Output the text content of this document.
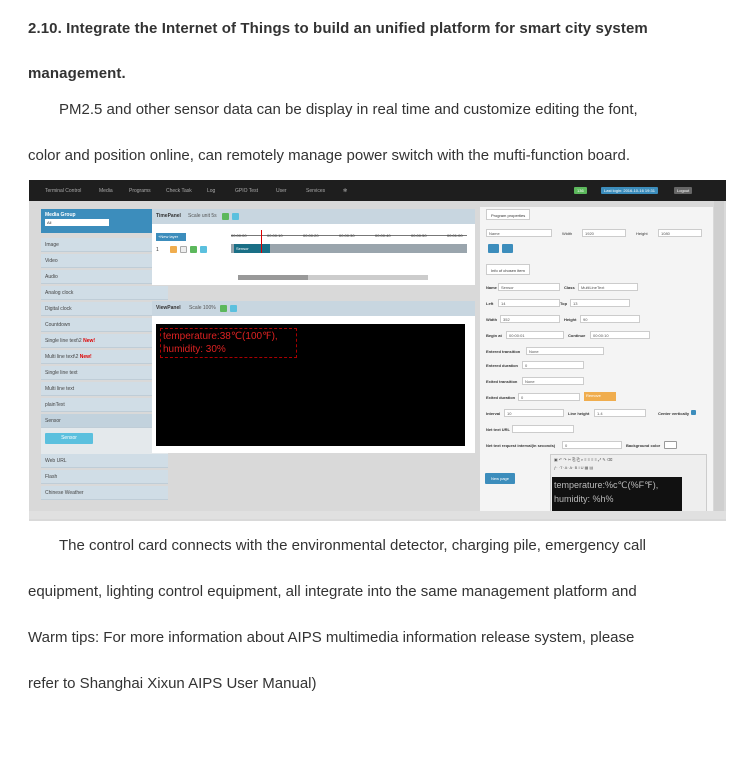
2.10. Integrate the Internet of Things to build an unified platform for smart city system
management.
PM2.5 and other sensor data can be display in real time and customize editing the font,
color and position online, can remotely manage power switch with the mufti-function board.
Terminal Control	Media	Programs	Check Task	Log	GPIO Test	User	Services	✻	136	Last login: 2016-10-16 19:31	Logout
Media Group
All
Image
Video
Audio
Analog clock
Digital clock
Countdown
Single line text\2 New!
Multi line text\2 New!
Single line text
Multi line text
plainText
Sensor
Sensor
Web URL
Flash
Chinese Weather
TimePanel Scale unit 5s
+New layer
1
00:00:00	00:00:10	00:00:20	00:00:30	00:00:40	00:00:50	00:01:00
Sensor
ViewPanel Scale 100%
temperature:38℃(100℉),
humidity: 30%
Program properties
Name	Width	1920	Height	1080
Info of chosen item
Name	Sensor	Class	MultiLineText
Left	14	Top	13
Width	352	Height	90
Begin at	00:00:01	Continue	00:00:10
Entered transition	None
Entered duration	0
Exited transition	None
Exited duration	0	Remove
Interval	10	Line height	1.4	Center vertically
Net text URL
Net text request interval(in seconds)	0	Background color
New page
▣ ↶ ↷ ✂ ⎘ ⎗ ⌕ ≡ ≡ ≡ ≡ ⤢ ✎ ⌫
ƒ· ·T· A· A· B I U ▦ ▤
temperature:%c℃(%F℉),
humidity: %h%
The control card connects with the environmental detector, charging pile, emergency call
equipment, lighting control equipment, all integrate into the same management platform and
Warm tips: For more information about AIPS multimedia information release system, please
refer to Shanghai Xixun AIPS User Manual)
